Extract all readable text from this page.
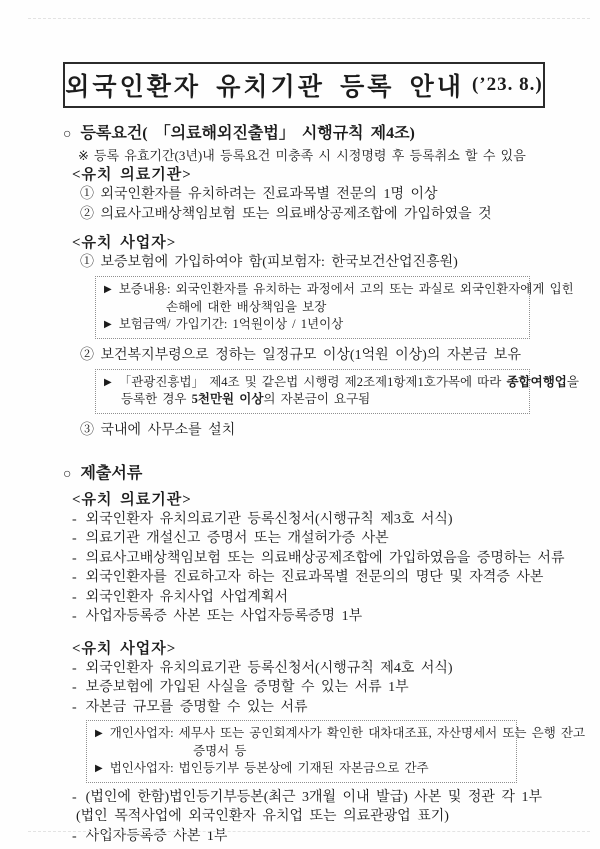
외국인환자 유치기관 등록 안내 (’23. 8.)
○ 등록요건( 「의료해외진출법」 시행규칙 제4조)
※ 등록 유효기간(3년)내 등록요건 미충족 시 시정명령 후 등록취소 할 수 있음
<유치 의료기관>
① 외국인환자를 유치하려는 진료과목별 전문의 1명 이상
② 의료사고배상책임보험 또는 의료배상공제조합에 가입하였을 것
<유치 사업자>
① 보증보험에 가입하여야 함(피보험자: 한국보건산업진흥원)
▶ 보증내용: 외국인환자를 유치하는 과정에서 고의 또는 과실로 외국인환자에게 입힌
손해에 대한 배상책임을 보장
▶ 보험금액/ 가입기간: 1억원이상 / 1년이상
② 보건복지부령으로 정하는 일정규모 이상(1억원 이상)의 자본금 보유
▶ 「관광진흥법」 제4조 및 같은법 시행령 제2조제1항제1호가목에 따라 종합여행업을
등록한 경우 5천만원 이상의 자본금이 요구됨
③ 국내에 사무소를 설치
○ 제출서류
<유치 의료기관>
- 외국인환자 유치의료기관 등록신청서(시행규칙 제3호 서식)
- 의료기관 개설신고 증명서 또는 개설허가증 사본
- 의료사고배상책임보험 또는 의료배상공제조합에 가입하였음을 증명하는 서류
- 외국인환자를 진료하고자 하는 진료과목별 전문의의 명단 및 자격증 사본
- 외국인환자 유치사업 사업계획서
- 사업자등록증 사본 또는 사업자등록증명 1부
<유치 사업자>
- 외국인환자 유치의료기관 등록신청서(시행규칙 제4호 서식)
- 보증보험에 가입된 사실을 증명할 수 있는 서류 1부
- 자본금 규모를 증명할 수 있는 서류
▶ 개인사업자: 세무사 또는 공인회계사가 확인한 대차대조표, 자산명세서 또는 은행 잔고
증명서 등
▶ 법인사업자: 법인등기부 등본상에 기재된 자본금으로 간주
- (법인에 한함)법인등기부등본(최근 3개월 이내 발급) 사본 및 정관 각 1부
(법인 목적사업에 외국인환자 유치업 또는 의료관광업 표기)
- 사업자등록증 사본 1부
